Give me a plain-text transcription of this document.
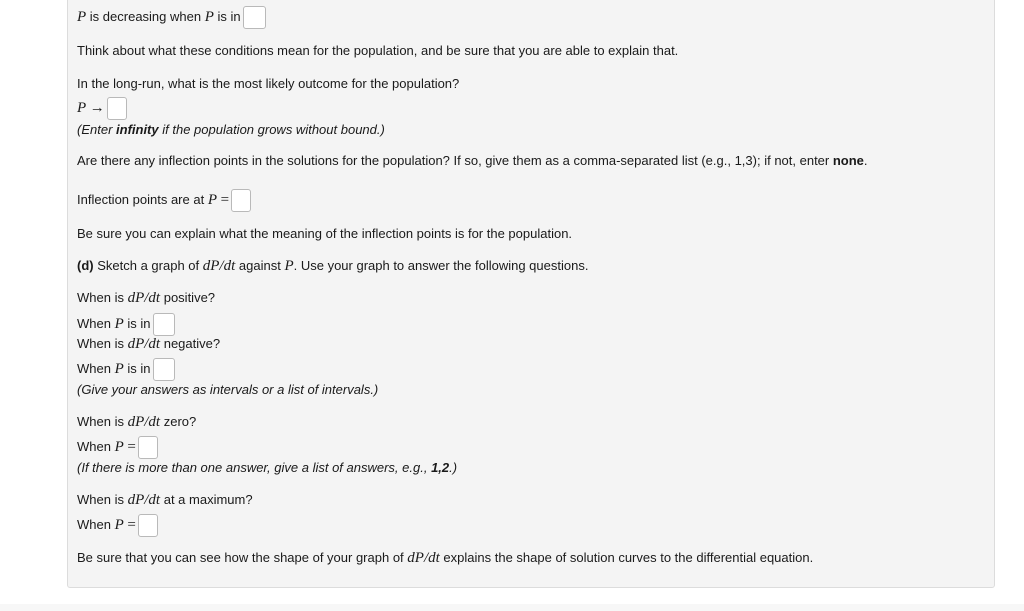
P is decreasing when P is in
Think about what these conditions mean for the population, and be sure that you are able to explain that.
In the long-run, what is the most likely outcome for the population?
P →
(Enter infinity if the population grows without bound.)
Are there any inflection points in the solutions for the population? If so, give them as a comma-separated list (e.g., 1,3); if not, enter none.
Inflection points are at P =
Be sure you can explain what the meaning of the inflection points is for the population.
(d) Sketch a graph of dP/dt against P. Use your graph to answer the following questions.
When is dP/dt positive?
When P is in
When is dP/dt negative?
When P is in
(Give your answers as intervals or a list of intervals.)
When is dP/dt zero?
When P =
(If there is more than one answer, give a list of answers, e.g., 1,2.)
When is dP/dt at a maximum?
When P =
Be sure that you can see how the shape of your graph of dP/dt explains the shape of solution curves to the differential equation.
